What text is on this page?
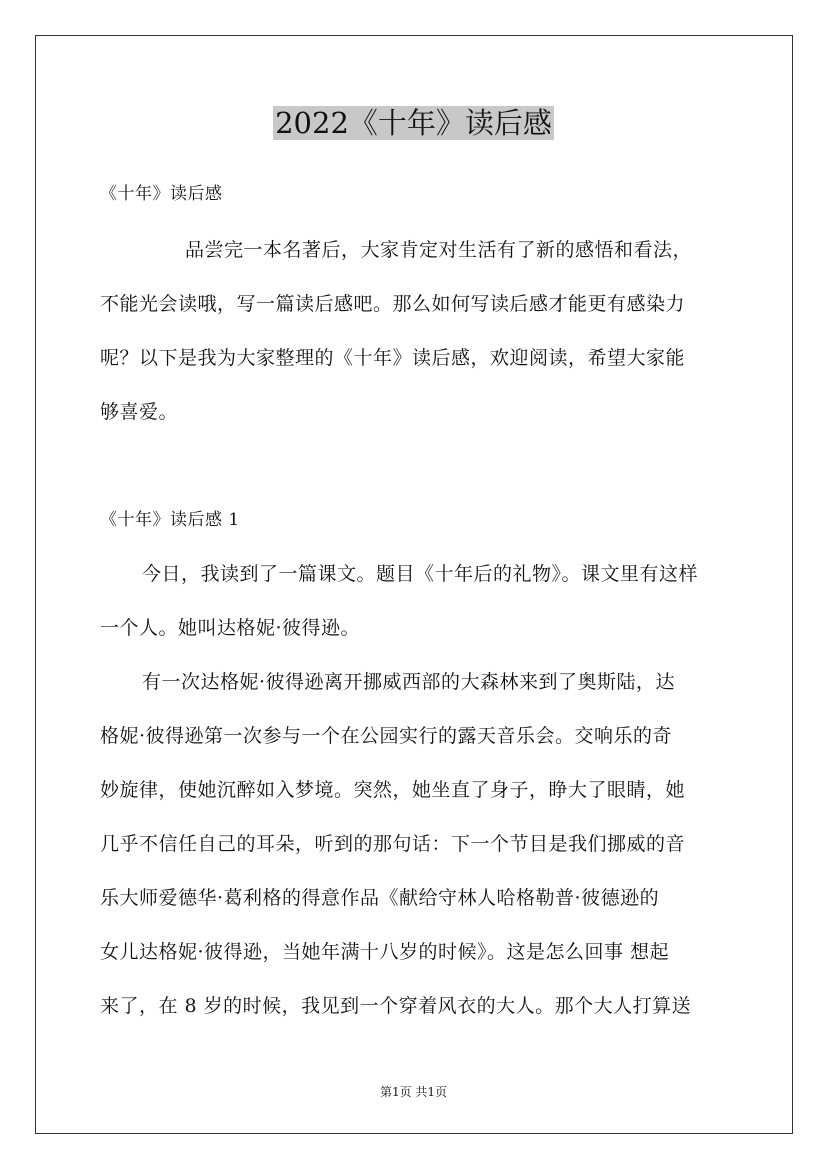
2022《十年》读后感
《十年》读后感
品尝完一本名著后，大家肯定对生活有了新的感悟和看法，
不能光会读哦，写一篇读后感吧。那么如何写读后感才能更有感染力
呢？以下是我为大家整理的《十年》读后感，欢迎阅读，希望大家能
够喜爱。
《十年》读后感 1
今日，我读到了一篇课文。题目《十年后的礼物》。课文里有这样
一个人。她叫达格妮·彼得逊。
有一次达格妮·彼得逊离开挪威西部的大森林来到了奥斯陆，达
格妮·彼得逊第一次参与一个在公园实行的露天音乐会。交响乐的奇
妙旋律，使她沉醉如入梦境。突然，她坐直了身子，睁大了眼睛，她
几乎不信任自己的耳朵，听到的那句话：下一个节目是我们挪威的音
乐大师爱德华·葛利格的得意作品《献给守林人哈格勒普·彼德逊的
女儿达格妮·彼得逊，当她年满十八岁的时候》。这是怎么回事 想起
来了，在 8 岁的时候，我见到一个穿着风衣的大人。那个大人打算送
第1页 共1页
